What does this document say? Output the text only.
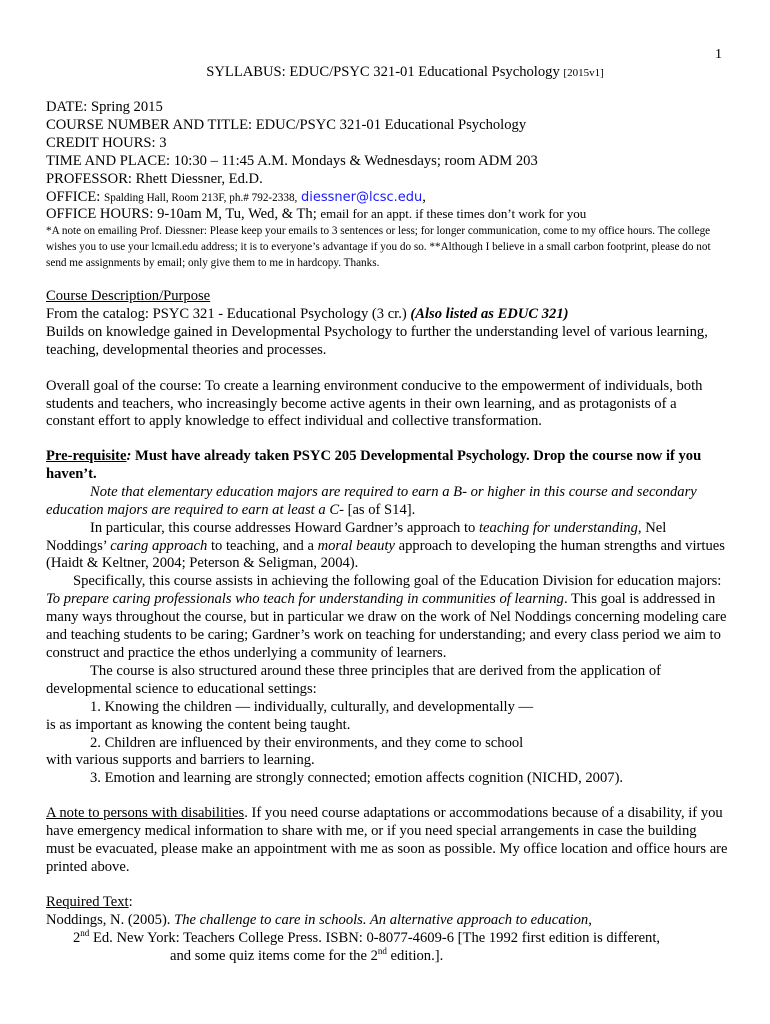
1
SYLLABUS: EDUC/PSYC 321-01 Educational Psychology [2015v1]

DATE: Spring 2015

COURSE NUMBER AND TITLE: EDUC/PSYC 321-01 Educational Psychology

CREDIT HOURS: 3

TIME AND PLACE: 10:30 – 11:45 A.M. Mondays & Wednesdays; room ADM 203

PROFESSOR: Rhett Diessner, Ed.D.

OFFICE: Spalding Hall, Room 213F, ph.# 792-2338, diessner@lcsc.edu,

OFFICE HOURS: 9-10am M, Tu, Wed, & Th; email for an appt. if these times don’t work for you

*A note on emailing Prof. Diessner: Please keep your emails to 3 sentences or less; for longer communication, come to my office hours. The college wishes you to use your lcmail.edu address; it is to everyone’s advantage if you do so. **Although I believe in a small carbon footprint, please do not send me assignments by email; only give them to me in hardcopy. Thanks.

Course Description/Purpose

From the catalog: PSYC 321 - Educational Psychology (3 cr.) (Also listed as EDUC 321)

Builds on knowledge gained in Developmental Psychology to further the understanding level of various learning, teaching, developmental theories and processes.

Overall goal of the course: To create a learning environment conducive to the empowerment of individuals, both students and teachers, who increasingly become active agents in their own learning, and as protagonists of a constant effort to apply knowledge to effect individual and collective transformation.

Pre-requisite: Must have already taken PSYC 205 Developmental Psychology. Drop the course now if you haven’t.

Note that elementary education majors are required to earn a B- or higher in this course and secondary education majors are required to earn at least a C- [as of S14].

In particular, this course addresses Howard Gardner’s approach to teaching for understanding, Nel Noddings’ caring approach to teaching, and a moral beauty approach to developing the human strengths and virtues (Haidt & Keltner, 2004; Peterson & Seligman, 2004).

Specifically, this course assists in achieving the following goal of the Education Division for education majors: To prepare caring professionals who teach for understanding in communities of learning. This goal is addressed in many ways throughout the course, but in particular we draw on the work of Nel Noddings concerning modeling care and teaching students to be caring; Gardner’s work on teaching for understanding; and every class period we aim to construct and practice the ethos underlying a community of learners.

The course is also structured around these three principles that are derived from the application of developmental science to educational settings:

1. Knowing the children — individually, culturally, and developmentally —

is as important as knowing the content being taught.

2. Children are influenced by their environments, and they come to school

with various supports and barriers to learning.

3. Emotion and learning are strongly connected; emotion affects cognition (NICHD, 2007).

A note to persons with disabilities. If you need course adaptations or accommodations because of a disability, if you have emergency medical information to share with me, or if you need special arrangements in case the building must be evacuated, please make an appointment with me as soon as possible. My office location and office hours are printed above.

Required Text:

Noddings, N. (2005). The challenge to care in schools. An alternative approach to education,

2nd Ed. New York: Teachers College Press. ISBN: 0-8077-4609-6 [The 1992 first edition is different,

and some quiz items come for the 2nd edition.].
